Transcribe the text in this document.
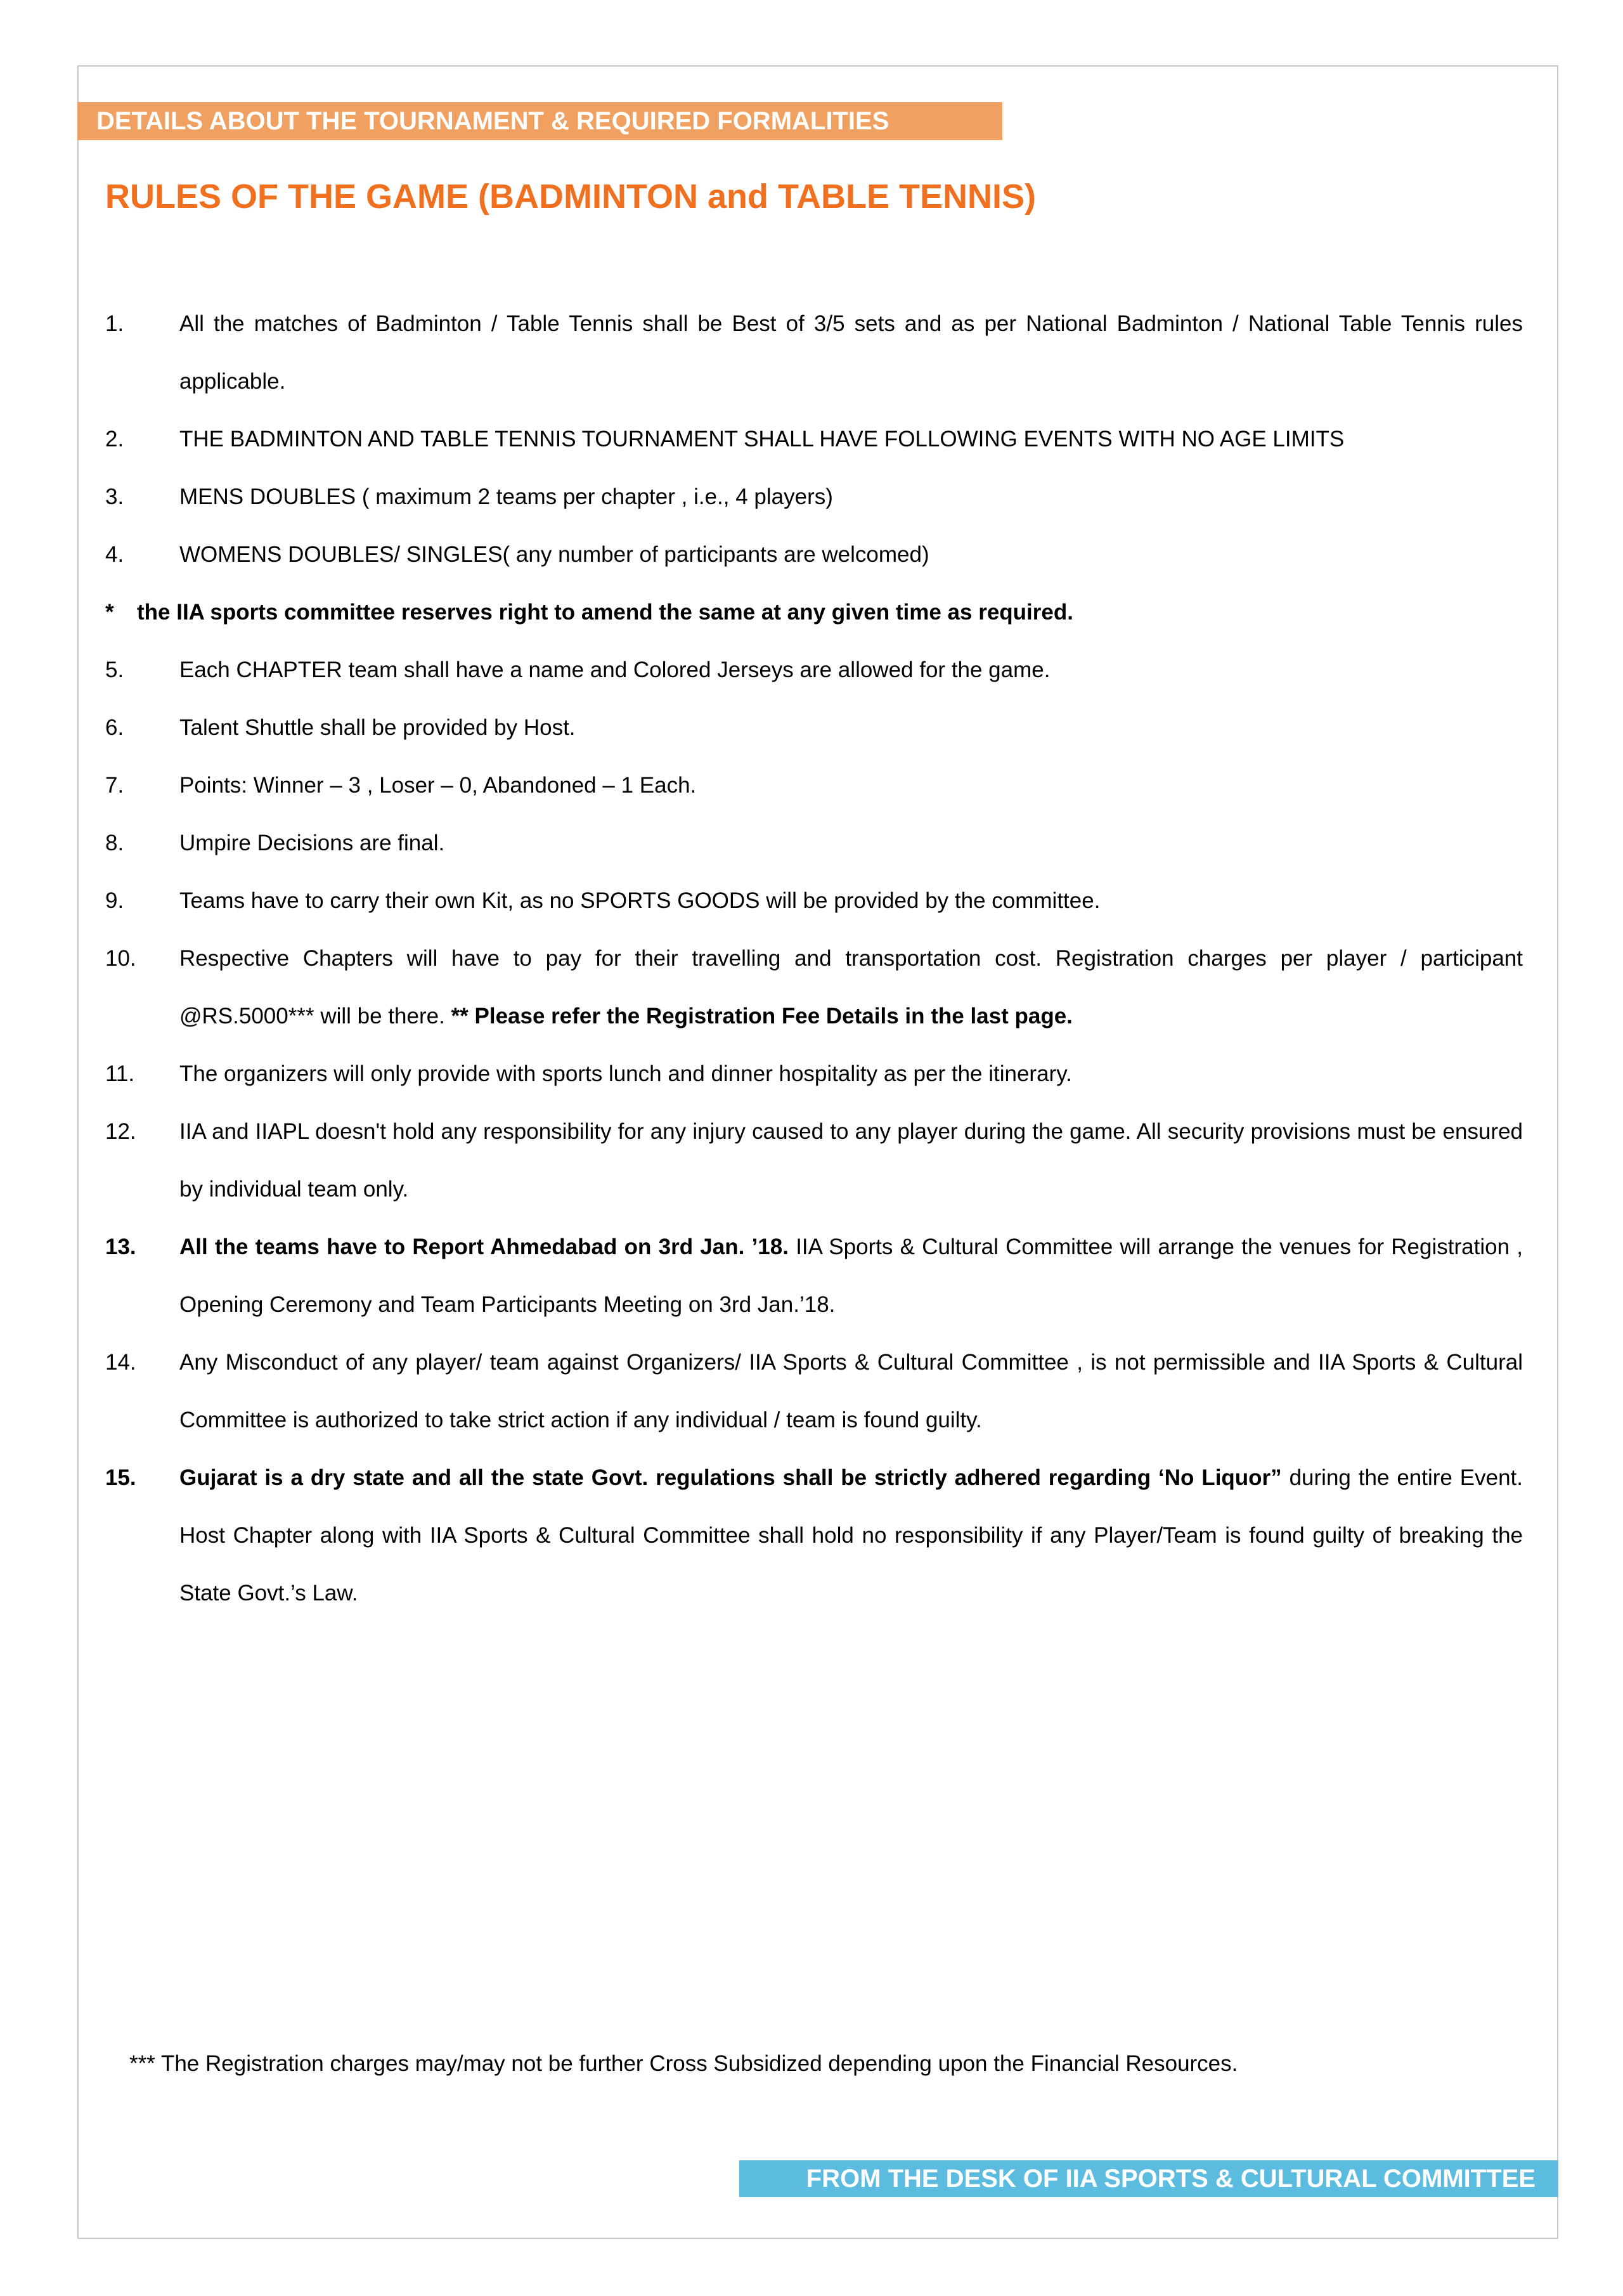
DETAILS ABOUT THE TOURNAMENT & REQUIRED FORMALITIES
RULES OF THE GAME (BADMINTON and TABLE TENNIS)
1.	All the matches of Badminton / Table Tennis shall be Best of 3/5 sets and as per National Badminton / National Table Tennis rules applicable.
2.	THE BADMINTON AND TABLE TENNIS TOURNAMENT SHALL HAVE FOLLOWING EVENTS WITH NO AGE LIMITS
3.	MENS DOUBLES ( maximum 2 teams per chapter , i.e., 4 players)
4.	WOMENS DOUBLES/ SINGLES( any number of participants are welcomed)
*	the IIA sports committee reserves right to amend the same at any given time as required.
5.	Each CHAPTER team shall have a name and Colored Jerseys are allowed for the game.
6.	Talent Shuttle shall be provided by Host.
7.	Points: Winner – 3 , Loser – 0, Abandoned – 1 Each.
8.	Umpire Decisions are final.
9.	Teams have to carry their own Kit, as no SPORTS GOODS will be provided by the committee.
10.	Respective Chapters will have to pay for their travelling and transportation cost. Registration charges per player / participant @RS.5000*** will be there. ** Please refer the Registration Fee Details in the last page.
11.	The organizers will only provide with sports lunch and dinner hospitality as per the itinerary.
12.	IIA and IIAPL doesn't hold any responsibility for any injury caused to any player during the game. All security provisions must be ensured by individual team only.
13.	All the teams have to Report Ahmedabad on 3rd Jan. ’18. IIA Sports & Cultural Committee will arrange the venues for Registration , Opening Ceremony and Team Participants Meeting on 3rd Jan.’18.
14.	Any Misconduct of any player/ team against Organizers/ IIA Sports & Cultural Committee , is not permissible and IIA Sports & Cultural Committee is authorized to take strict action if any individual / team is found guilty.
15.	Gujarat is a dry state and all the state Govt. regulations shall be strictly adhered regarding ‘No Liquor” during the entire Event. Host Chapter along with IIA Sports & Cultural Committee shall hold no responsibility if any Player/Team is found guilty of breaking the State Govt.’s Law.
*** The Registration charges may/may not be further Cross Subsidized depending upon the Financial Resources.
FROM THE DESK OF IIA SPORTS & CULTURAL COMMITTEE
